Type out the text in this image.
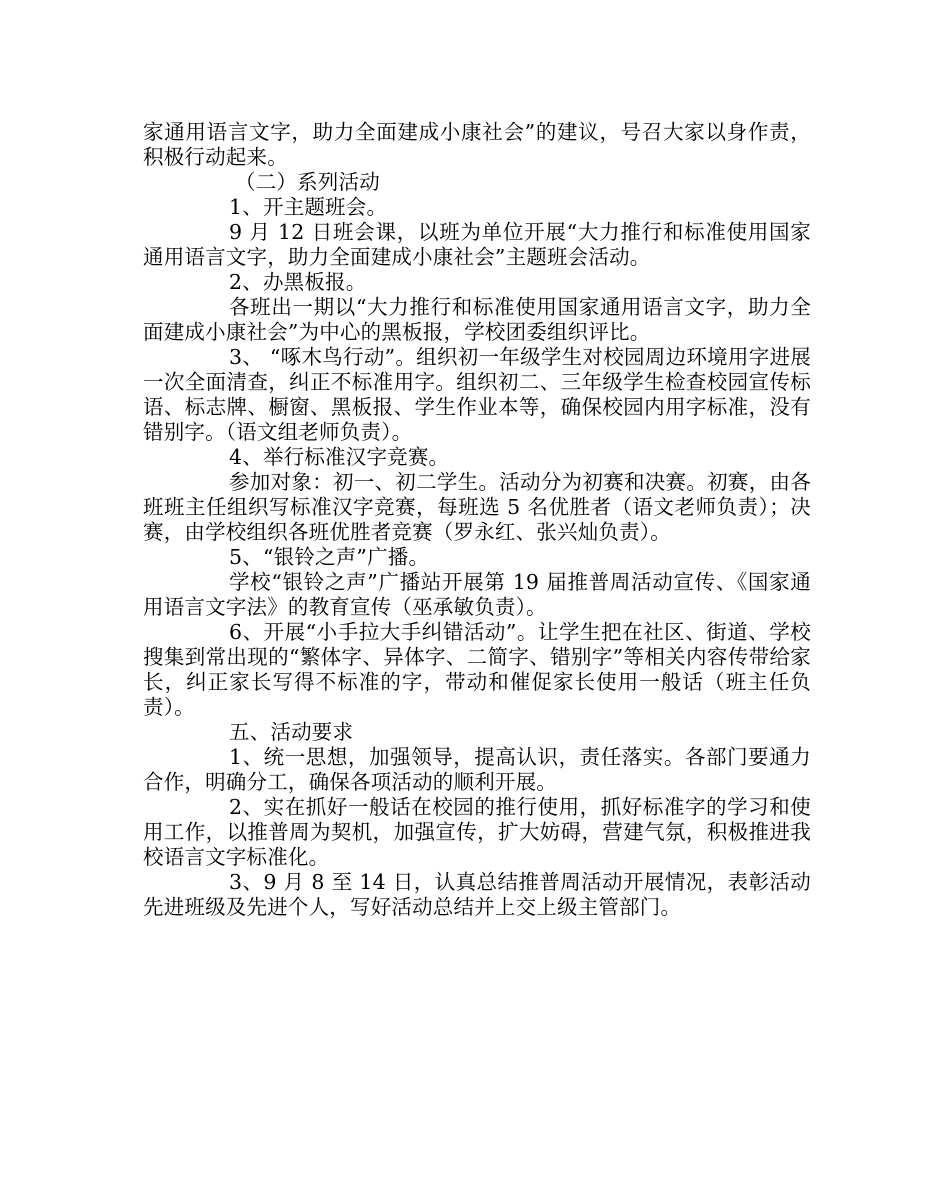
家通用语言文字，助力全面建成小康社会”的建议，号召大家以身作责，积极行动起来。

（二）系列活动

1、开主题班会。

9 月 12 日班会课，以班为单位开展“大力推行和标准使用国家通用语言文字，助力全面建成小康社会”主题班会活动。

2、办黑板报。

各班出一期以“大力推行和标准使用国家通用语言文字，助力全面建成小康社会”为中心的黑板报，学校团委组织评比。

3、 “啄木鸟行动”。组织初一年级学生对校园周边环境用字进展一次全面清查，纠正不标准用字。组织初二、三年级学生检查校园宣传标语、标志牌、橱窗、黑板报、学生作业本等，确保校园内用字标准，没有错别字。（语文组老师负责）。

4、举行标准汉字竞赛。

参加对象：初一、初二学生。活动分为初赛和决赛。初赛，由各班班主任组织写标准汉字竞赛，每班选 5 名优胜者（语文老师负责）；决赛，由学校组织各班优胜者竞赛（罗永红、张兴灿负责）。

5、“银铃之声”广播。

学校“银铃之声”广播站开展第 19 届推普周活动宣传、《国家通用语言文字法》的教育宣传（巫承敏负责）。

6、开展“小手拉大手纠错活动”。让学生把在社区、街道、学校搜集到常出现的“繁体字、异体字、二简字、错别字”等相关内容传带给家长，纠正家长写得不标准的字，带动和催促家长使用一般话（班主任负责）。

五、活动要求

1、统一思想，加强领导，提高认识，责任落实。各部门要通力合作，明确分工，确保各项活动的顺利开展。

2、实在抓好一般话在校园的推行使用，抓好标准字的学习和使用工作，以推普周为契机，加强宣传，扩大妨碍，营建气氛，积极推进我校语言文字标准化。

3、9 月 8 至 14 日，认真总结推普周活动开展情况，表彰活动先进班级及先进个人，写好活动总结并上交上级主管部门。
